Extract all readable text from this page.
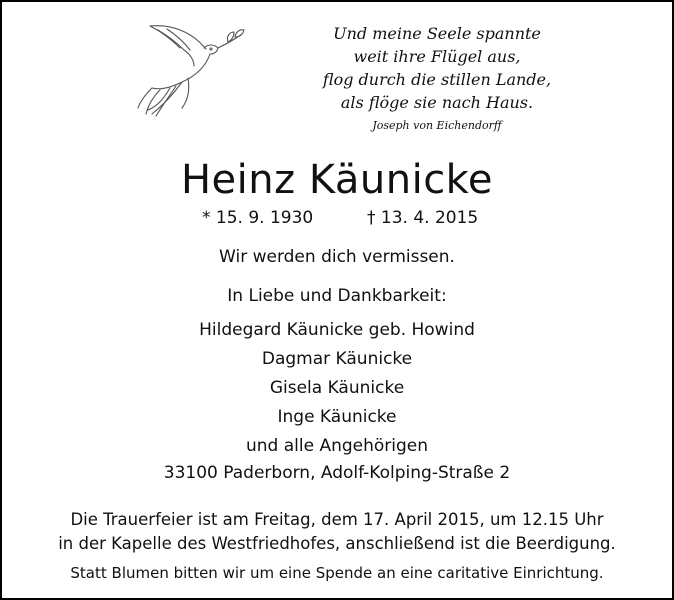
Und meine Seele spannte
weit ihre Flügel aus,
flog durch die stillen Lande,
als flöge sie nach Haus.
Joseph von Eichendorff
Heinz Käunicke
* 15. 9. 1930	† 13. 4. 2015
Wir werden dich vermissen.
In Liebe und Dankbarkeit:
Hildegard Käunicke geb. Howind
Dagmar Käunicke
Gisela Käunicke
Inge Käunicke
und alle Angehörigen
33100 Paderborn, Adolf-Kolping-Straße 2
Die Trauerfeier ist am Freitag, dem 17. April 2015, um 12.15 Uhr
in der Kapelle des Westfriedhofes, anschließend ist die Beerdigung.
Statt Blumen bitten wir um eine Spende an eine caritative Einrichtung.
